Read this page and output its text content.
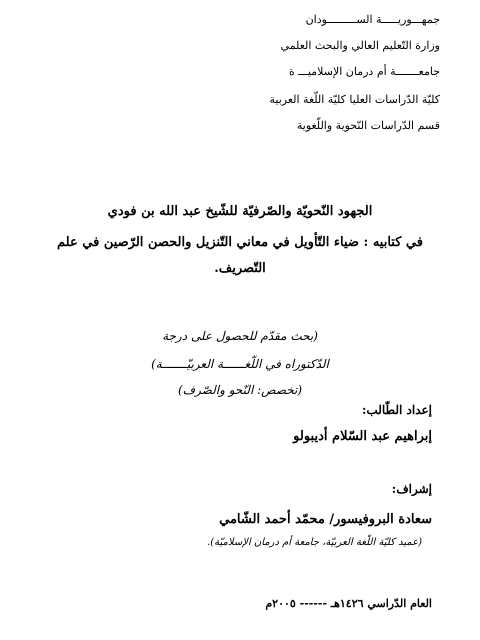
جمهـــوريـــــة الســـــــــودان
وزارة التّعليم العالي والبحث العلمي
جامعـــــــة أم درمان الإسلاميـــ ة
كليّة الدّراسات العليا كليّة اللّغة العربية
قسم الدّراسات النّحوية واللّغوية
الجهود النّحويّة والصّرفيّة للشّيخ عبد الله بن فودي
في كتابيه : ضياء التّأويل في معاني التّنزيل والحصن الرّصين في علم
التّصريف.
(بحث مقدّم للحصول على درجة
الدّكتوراه في اللّغــــــة العربيّـــــــة)
(تخصص: النّحو والصّرف)
إعداد الطّالب:
إبراهيم عبد السّلام أديبولو
إشراف:
سعادة البروفيسور/ محمّد أحمد الشّامي
(عميد كليّة اللّغة العربيّة، جامعة أم درمان الإسلاميّة).
العام الدّراسي ١٤٢٦هـ ------ ٢٠٠٥م
